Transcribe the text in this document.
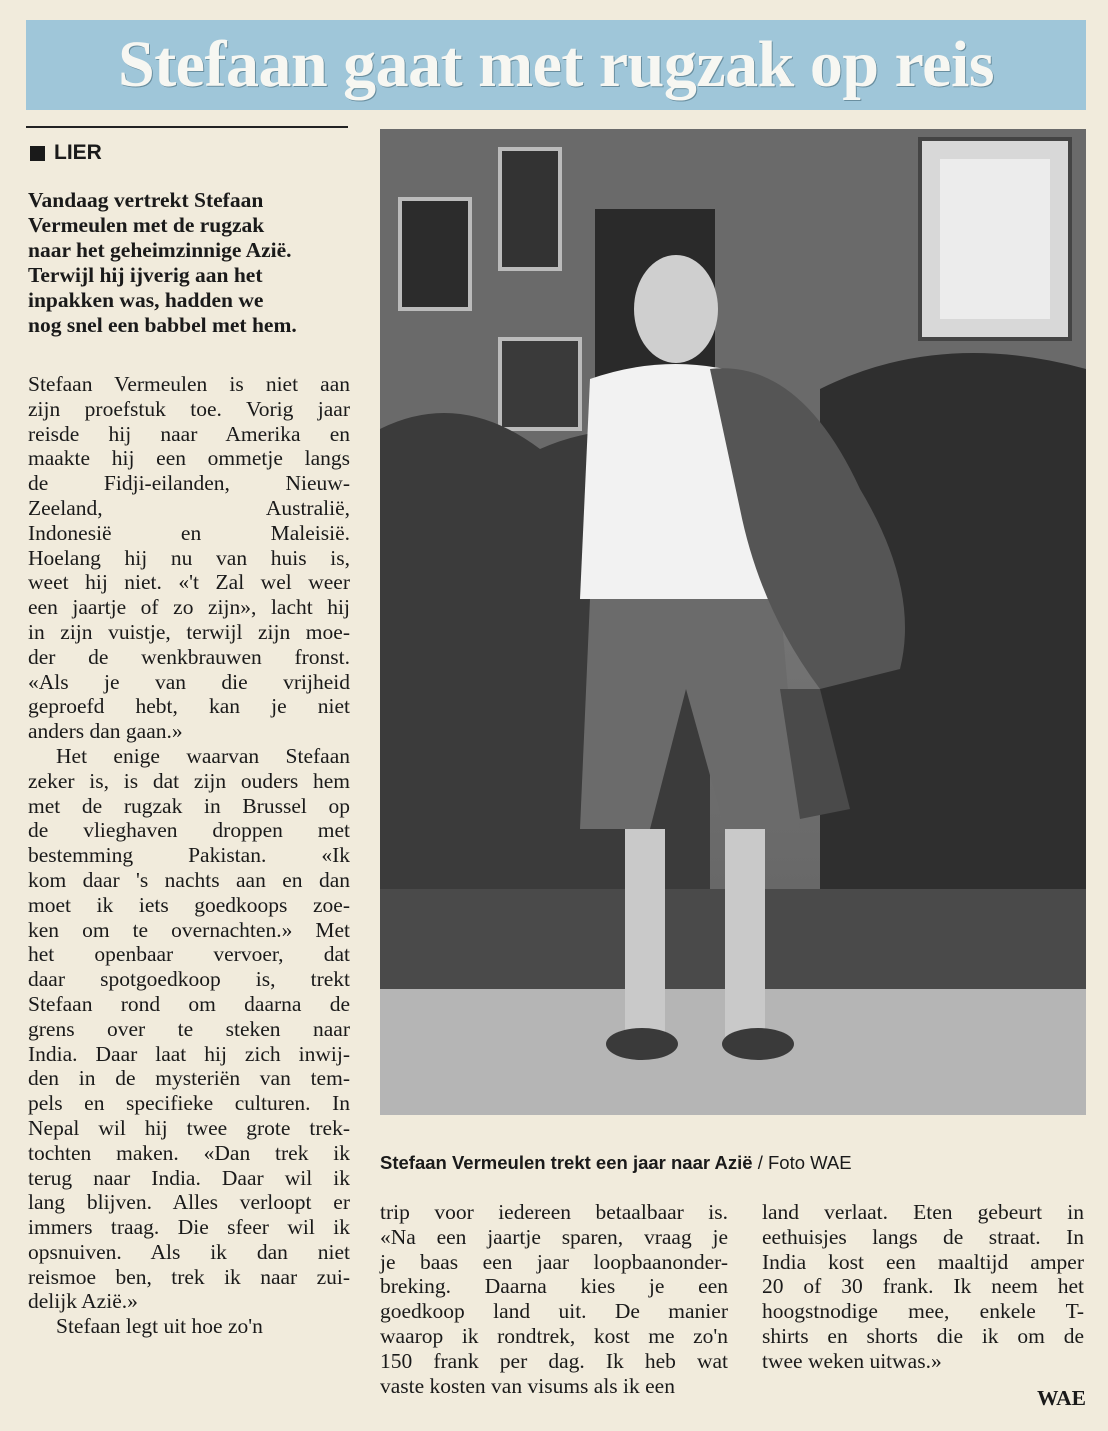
Stefaan gaat met rugzak op reis
LIER
Vandaag vertrekt Stefaan
Vermeulen met de rugzak
naar het geheimzinnige Azië.
Terwijl hij ijverig aan het
inpakken was, hadden we
nog snel een babbel met hem.
Stefaan Vermeulen is niet aan
zijn proefstuk toe. Vorig jaar
reisde hij naar Amerika en
maakte hij een ommetje langs
de Fidji-eilanden, Nieuw-
Zeeland, Australië,
Indonesië en Maleisië.
Hoelang hij nu van huis is,
weet hij niet. «'t Zal wel weer
een jaartje of zo zijn», lacht hij
in zijn vuistje, terwijl zijn moe-
der de wenkbrauwen fronst.
«Als je van die vrijheid
geproefd hebt, kan je niet
anders dan gaan.»
Het enige waarvan Stefaan
zeker is, is dat zijn ouders hem
met de rugzak in Brussel op
de vlieghaven droppen met
bestemming Pakistan. «Ik
kom daar 's nachts aan en dan
moet ik iets goedkoops zoe-
ken om te overnachten.» Met
het openbaar vervoer, dat
daar spotgoedkoop is, trekt
Stefaan rond om daarna de
grens over te steken naar
India. Daar laat hij zich inwij-
den in de mysteriën van tem-
pels en specifieke culturen. In
Nepal wil hij twee grote trek-
tochten maken. «Dan trek ik
terug naar India. Daar wil ik
lang blijven. Alles verloopt er
immers traag. Die sfeer wil ik
opsnuiven. Als ik dan niet
reismoe ben, trek ik naar zui-
delijk Azië.»
Stefaan legt uit hoe zo'n
Stefaan Vermeulen trekt een jaar naar Azië / Foto WAE
trip voor iedereen betaalbaar is.
«Na een jaartje sparen, vraag je
je baas een jaar loopbaanonder-
breking. Daarna kies je een
goedkoop land uit. De manier
waarop ik rondtrek, kost me zo'n
150 frank per dag. Ik heb wat
vaste kosten van visums als ik een
land verlaat. Eten gebeurt in
eethuisjes langs de straat. In
India kost een maaltijd amper
20 of 30 frank. Ik neem het
hoogstnodige mee, enkele T-
shirts en shorts die ik om de
twee weken uitwas.»
WAE
